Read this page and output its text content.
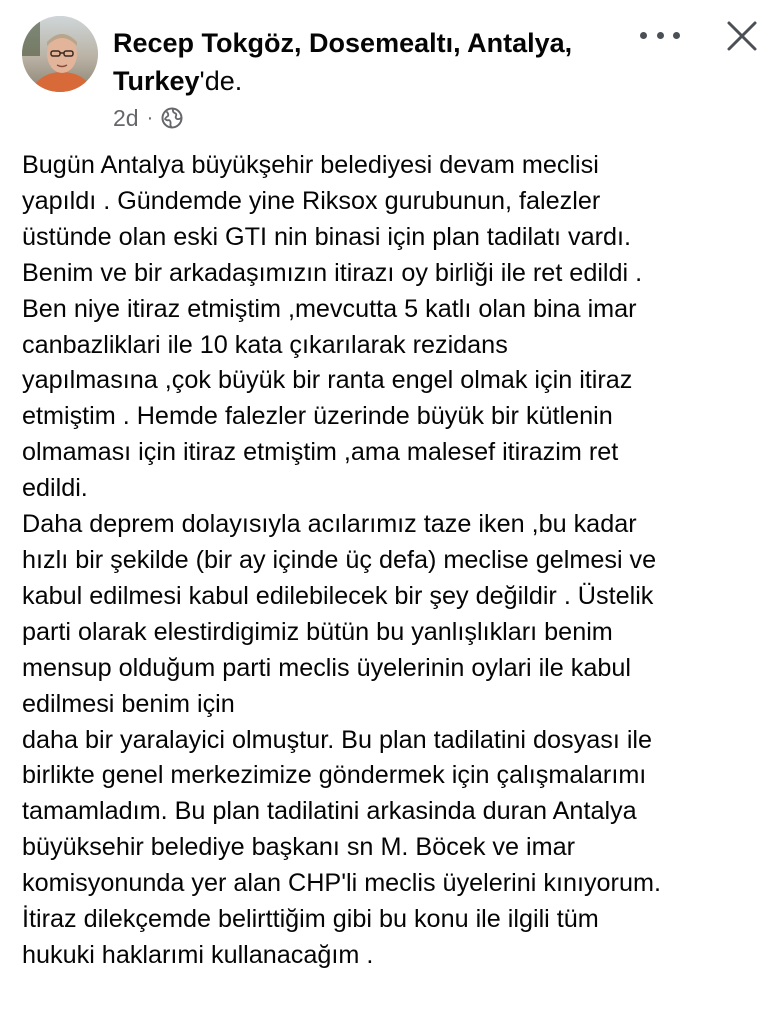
Recep Tokgöz, Dosemealtı, Antalya, Turkey'de.
2d ·
Bugün Antalya büyükşehir belediyesi devam meclisi
yapıldı . Gündemde yine Riksox gurubunun, falezler
üstünde olan eski GTI nin binasi için plan tadilatı vardı.
Benim ve bir arkadaşımızın itirazı oy birliği ile ret edildi .
Ben niye itiraz etmiştim ,mevcutta 5 katlı olan bina imar
canbazliklari ile 10 kata çıkarılarak rezidans
yapılmasına ,çok büyük bir ranta engel olmak için itiraz
etmiştim . Hemde falezler üzerinde büyük bir kütlenin
olmaması için itiraz etmiştim ,ama malesef itirazim ret
edildi.
Daha deprem dolayısıyla acılarımız taze iken ,bu kadar
hızlı bir şekilde (bir ay içinde üç defa) meclise gelmesi ve
kabul edilmesi kabul edilebilecek bir şey değildir . Üstelik
parti olarak elestirdigimiz bütün bu yanlışlıkları benim
mensup olduğum parti meclis üyelerinin oylari ile kabul
edilmesi benim için
daha bir yaralayici olmuştur. Bu plan tadilatini dosyası ile
birlikte genel merkezimize göndermek için çalışmalarımı
tamamladım. Bu plan tadilatini arkasinda duran Antalya
büyüksehir belediye başkanı sn M. Böcek ve imar
komisyonunda yer alan CHP'li meclis üyelerini kınıyorum.
İtiraz dilekçemde belirttiğim gibi bu konu ile ilgili tüm
hukuki haklarımi kullanacağım .
